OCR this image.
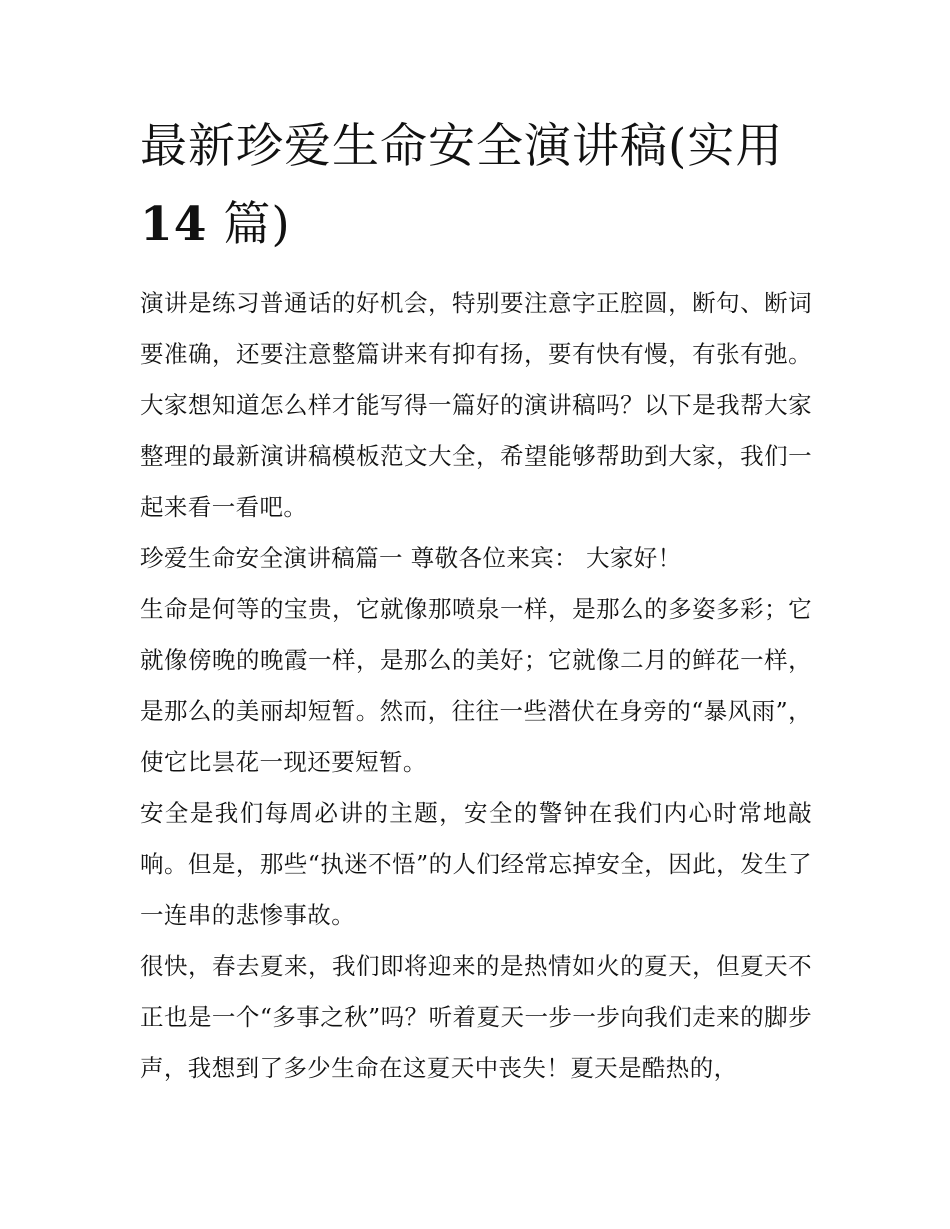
最新珍爱生命安全演讲稿(实用
14 篇)

演讲是练习普通话的好机会，特别要注意字正腔圆，断句、断词要准确，还要注意整篇讲来有抑有扬，要有快有慢，有张有弛。大家想知道怎么样才能写得一篇好的演讲稿吗？以下是我帮大家整理的最新演讲稿模板范文大全，希望能够帮助到大家，我们一起来看一看吧。

珍爱生命安全演讲稿篇一 尊敬各位来宾： 大家好！

生命是何等的宝贵，它就像那喷泉一样，是那么的多姿多彩；它就像傍晚的晚霞一样，是那么的美好；它就像二月的鲜花一样，是那么的美丽却短暂。然而，往往一些潜伏在身旁的“暴风雨”，使它比昙花一现还要短暂。

安全是我们每周必讲的主题，安全的警钟在我们内心时常地敲响。但是，那些“执迷不悟”的人们经常忘掉安全，因此，发生了一连串的悲惨事故。

很快，春去夏来，我们即将迎来的是热情如火的夏天，但夏天不正也是一个“多事之秋”吗？听着夏天一步一步向我们走来的脚步声，我想到了多少生命在这夏天中丧失！夏天是酷热的，
